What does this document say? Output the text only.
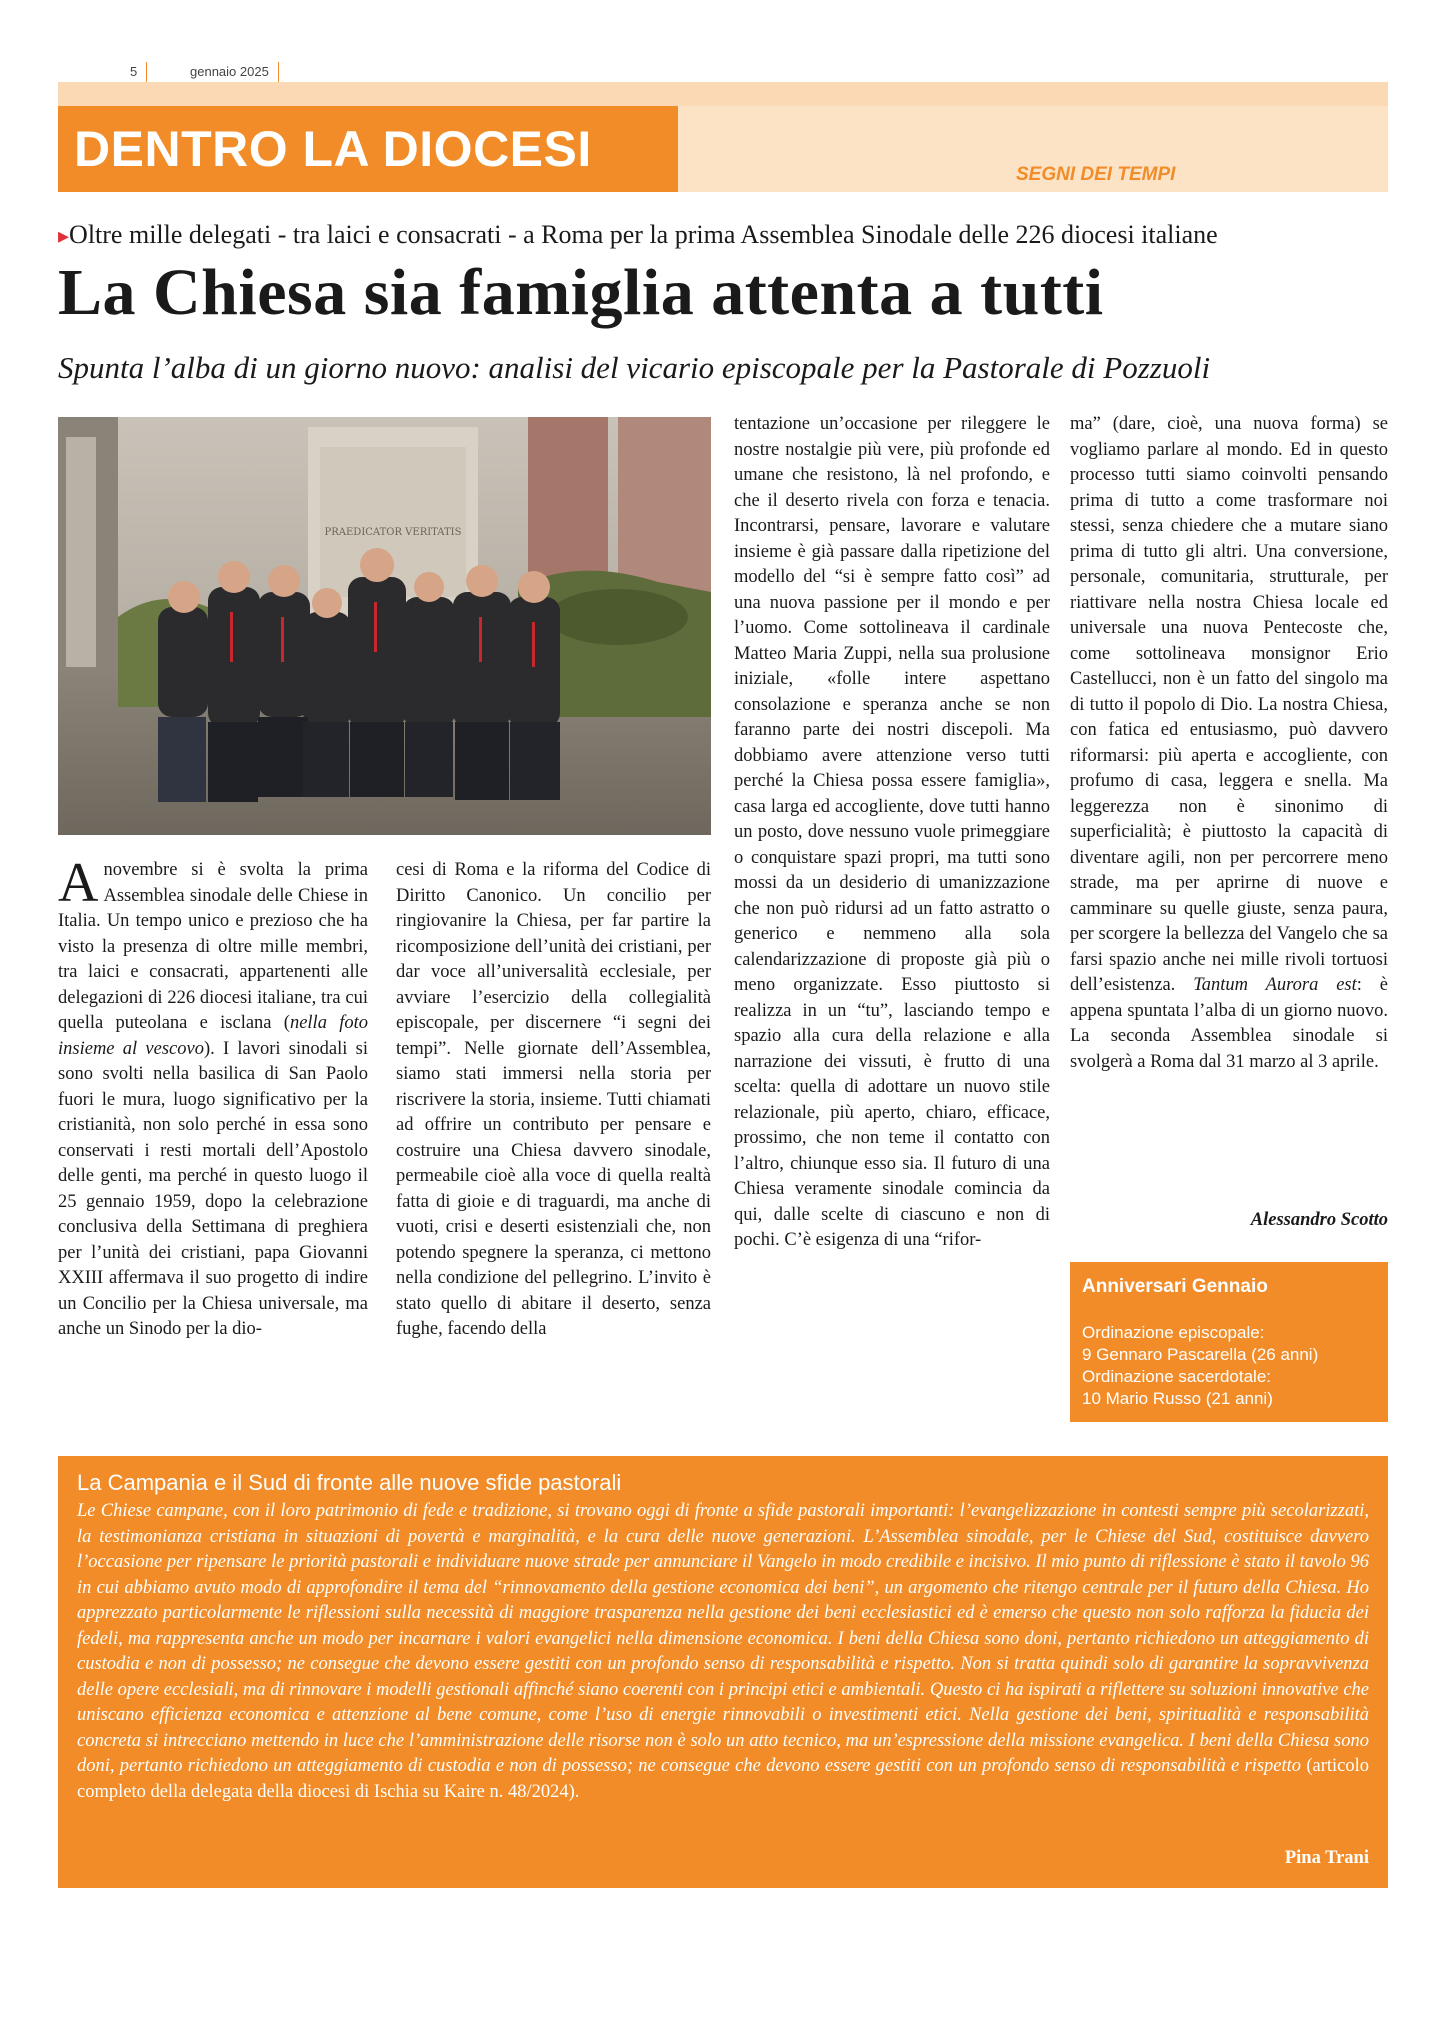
5	gennaio 2025
DENTRO LA DIOCESI	SEGNI DEI TEMPI
▸Oltre mille delegati - tra laici e consacrati - a Roma per la prima Assemblea Sinodale delle 226 diocesi italiane
La Chiesa sia famiglia attenta a tutti
Spunta l’alba di un giorno nuovo: analisi del vicario episcopale per la Pastorale di Pozzuoli
PRAEDICATOR VERITATIS

A novembre si è svolta la prima Assemblea sinodale delle Chiese in Italia. Un tempo unico e prezioso che ha visto la presenza di oltre mille membri, tra laici e consacrati, appartenenti alle delegazioni di 226 diocesi italiane, tra cui quella puteolana e isclana (nella foto insieme al vescovo). I lavori sinodali si sono svolti nella basilica di San Paolo fuori le mura, luogo significativo per la cristianità, non solo perché in essa sono conservati i resti mortali dell’Apostolo delle genti, ma perché in questo luogo il 25 gennaio 1959, dopo la celebrazione conclusiva della Settimana di preghiera per l’unità dei cristiani, papa Giovanni XXIII affermava il suo progetto di indire un Concilio per la Chiesa universale, ma anche un Sinodo per la dio-

cesi di Roma e la riforma del Codice di Diritto Canonico. Un concilio per ringiovanire la Chiesa, per far partire la ricomposizione dell’unità dei cristiani, per dar voce all’universalità ecclesiale, per avviare l’esercizio della collegialità episcopale, per discernere “i segni dei tempi”. Nelle giornate dell’Assemblea, siamo stati immersi nella storia per riscrivere la storia, insieme. Tutti chiamati ad offrire un contributo per pensare e costruire una Chiesa davvero sinodale, permeabile cioè alla voce di quella realtà fatta di gioie e di traguardi, ma anche di vuoti, crisi e deserti esistenziali che, non potendo spegnere la speranza, ci mettono nella condizione del pellegrino. L’invito è stato quello di abitare il deserto, senza fughe, facendo della

tentazione un’occasione per rileggere le nostre nostalgie più vere, più profonde ed umane che resistono, là nel profondo, e che il deserto rivela con forza e tenacia. Incontrarsi, pensare, lavorare e valutare insieme è già passare dalla ripetizione del modello del “si è sempre fatto così” ad una nuova passione per il mondo e per l’uomo. Come sottolineava il cardinale Matteo Maria Zuppi, nella sua prolusione iniziale, «folle intere aspettano consolazione e speranza anche se non faranno parte dei nostri discepoli. Ma dobbiamo avere attenzione verso tutti perché la Chiesa possa essere famiglia», casa larga ed accogliente, dove tutti hanno un posto, dove nessuno vuole primeggiare o conquistare spazi propri, ma tutti sono mossi da un desiderio di umanizzazione che non può ridursi ad un fatto astratto o generico e nemmeno alla sola calendarizzazione di proposte già più o meno organizzate. Esso piuttosto si realizza in un “tu”, lasciando tempo e spazio alla cura della relazione e alla narrazione dei vissuti, è frutto di una scelta: quella di adottare un nuovo stile relazionale, più aperto, chiaro, efficace, prossimo, che non teme il contatto con l’altro, chiunque esso sia. Il futuro di una Chiesa veramente sinodale comincia da qui, dalle scelte di ciascuno e non di pochi. C’è esigenza di una “rifor-

ma” (dare, cioè, una nuova forma) se vogliamo parlare al mondo. Ed in questo processo tutti siamo coinvolti pensando prima di tutto a come trasformare noi stessi, senza chiedere che a mutare siano prima di tutto gli altri. Una conversione, personale, comunitaria, strutturale, per riattivare nella nostra Chiesa locale ed universale una nuova Pentecoste che, come sottolineava monsignor Erio Castellucci, non è un fatto del singolo ma di tutto il popolo di Dio. La nostra Chiesa, con fatica ed entusiasmo, può davvero riformarsi: più aperta e accogliente, con profumo di casa, leggera e snella. Ma leggerezza non è sinonimo di superficialità; è piuttosto la capacità di diventare agili, non per percorrere meno strade, ma per aprirne di nuove e camminare su quelle giuste, senza paura, per scorgere la bellezza del Vangelo che sa farsi spazio anche nei mille rivoli tortuosi dell’esistenza. Tantum Aurora est: è appena spuntata l’alba di un giorno nuovo. La seconda Assemblea sinodale si svolgerà a Roma dal 31 marzo al 3 aprile.

Alessandro Scotto
Anniversari Gennaio
Ordinazione episcopale:
9 Gennaro Pascarella (26 anni)
Ordinazione sacerdotale:
10 Mario Russo (21 anni)
La Campania e il Sud di fronte alle nuove sfide pastorali
Le Chiese campane, con il loro patrimonio di fede e tradizione, si trovano oggi di fronte a sfide pastorali importanti: l’evangelizzazione in contesti sempre più secolarizzati, la testimonianza cristiana in situazioni di povertà e marginalità, e la cura delle nuove generazioni. L’Assemblea sinodale, per le Chiese del Sud, costituisce davvero l’occasione per ripensare le priorità pastorali e individuare nuove strade per annunciare il Vangelo in modo credibile e incisivo. Il mio punto di riflessione è stato il tavolo 96 in cui abbiamo avuto modo di approfondire il tema del “rinnovamento della gestione economica dei beni”, un argomento che ritengo centrale per il futuro della Chiesa. Ho apprezzato particolarmente le riflessioni sulla necessità di maggiore trasparenza nella gestione dei beni ecclesiastici ed è emerso che questo non solo rafforza la fiducia dei fedeli, ma rappresenta anche un modo per incarnare i valori evangelici nella dimensione economica. I beni della Chiesa sono doni, pertanto richiedono un atteggiamento di custodia e non di possesso; ne consegue che devono essere gestiti con un profondo senso di responsabilità e rispetto. Non si tratta quindi solo di garantire la sopravvivenza delle opere ecclesiali, ma di rinnovare i modelli gestionali affinché siano coerenti con i principi etici e ambientali. Questo ci ha ispirati a riflettere su soluzioni innovative che uniscano efficienza economica e attenzione al bene comune, come l’uso di energie rinnovabili o investimenti etici. Nella gestione dei beni, spiritualità e responsabilità concreta si intrecciano mettendo in luce che l’amministrazione delle risorse non è solo un atto tecnico, ma un’espressione della missione evangelica. I beni della Chiesa sono doni, pertanto richiedono un atteggiamento di custodia e non di possesso; ne consegue che devono essere gestiti con un profondo senso di responsabilità e rispetto (articolo completo della delegata della diocesi di Ischia su Kaire n. 48/2024).
Pina Trani
